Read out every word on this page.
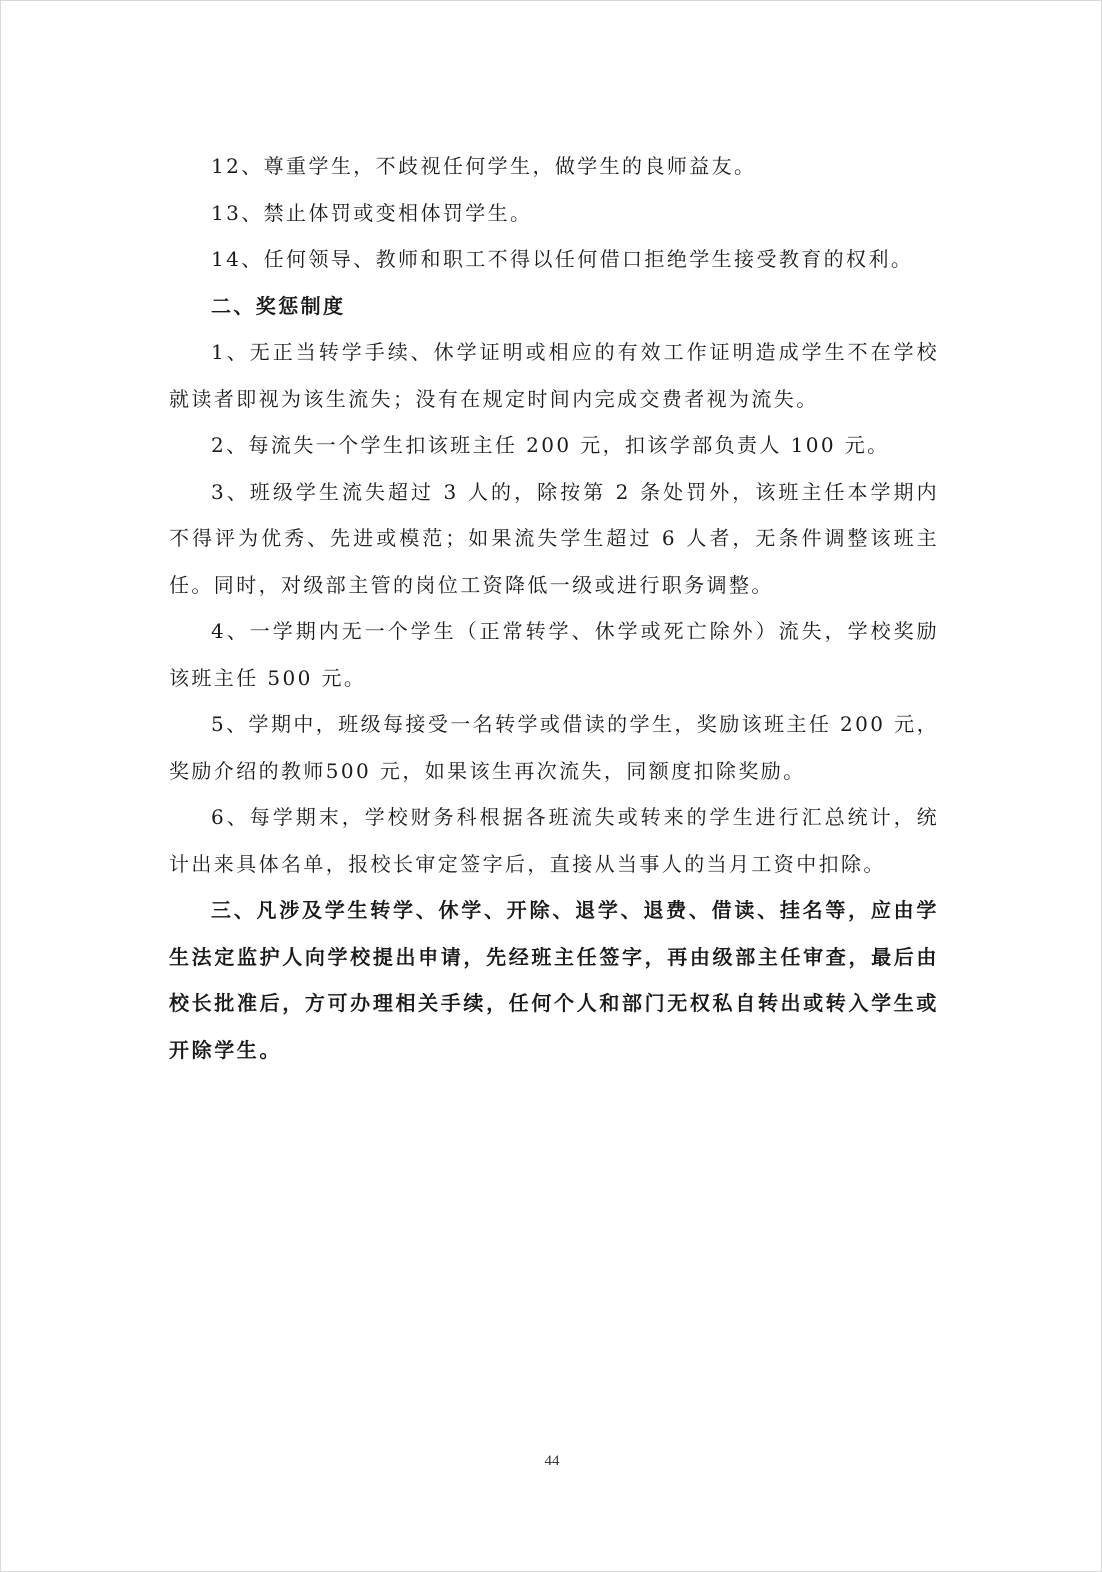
12、尊重学生，不歧视任何学生，做学生的良师益友。

13、禁止体罚或变相体罚学生。

14、任何领导、教师和职工不得以任何借口拒绝学生接受教育的权利。

二、奖惩制度

1、无正当转学手续、休学证明或相应的有效工作证明造成学生不在学校就读者即视为该生流失；没有在规定时间内完成交费者视为流失。

2、每流失一个学生扣该班主任 200 元，扣该学部负责人 100 元。

3、班级学生流失超过 3 人的，除按第 2 条处罚外，该班主任本学期内不得评为优秀、先进或模范；如果流失学生超过 6 人者，无条件调整该班主任。同时，对级部主管的岗位工资降低一级或进行职务调整。

4、一学期内无一个学生（正常转学、休学或死亡除外）流失，学校奖励该班主任 500 元。

5、学期中，班级每接受一名转学或借读的学生，奖励该班主任 200 元，奖励介绍的教师500 元，如果该生再次流失，同额度扣除奖励。

6、每学期末，学校财务科根据各班流失或转来的学生进行汇总统计，统计出来具体名单，报校长审定签字后，直接从当事人的当月工资中扣除。

三、凡涉及学生转学、休学、开除、退学、退费、借读、挂名等，应由学生法定监护人向学校提出申请，先经班主任签字，再由级部主任审查，最后由校长批准后，方可办理相关手续，任何个人和部门无权私自转出或转入学生或开除学生。

44
